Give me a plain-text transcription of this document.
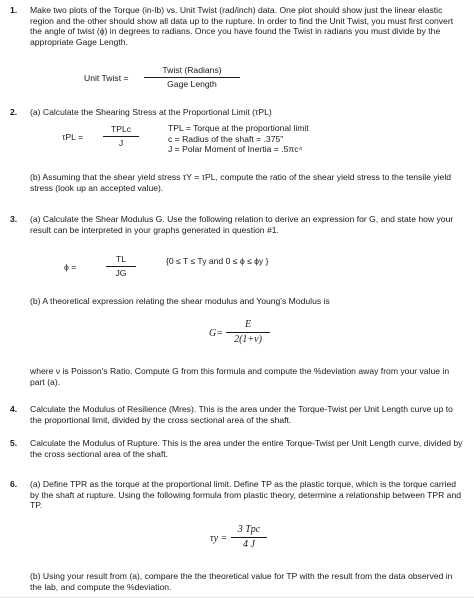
1.	Make two plots of the Torque (in-lb) vs. Unit Twist (rad/inch) data. One plot should show just the linear elastic region and the other should show all data up to the rupture. In order to find the Unit Twist, you must first convert the angle of twist (ϕ) in degrees to radians. Once you have found the Twist in radians you must divide by the appropriate Gage Length.
Unit Twist =
Twist (Radians)
Gage Length
2.	(a) Calculate the Shearing Stress at the Proportional Limit (τPL)
τPL =
TPLc
J
TPL = Torque at the proportional limit
c = Radius of the shaft = .375"
J = Polar Moment of Inertia = .5πc⁴
(b) Assuming that the shear yield stress τY = τPL, compute the ratio of the shear yield stress to the tensile yield stress (look up an accepted value).
3.	(a) Calculate the Shear Modulus G. Use the following relation to derive an expression for G, and state how your result can be interpreted in your graphs generated in question #1.
ϕ =	$\frac{TL}{JG}$	{0 ≤ T ≤ Ty and 0 ≤ ϕ ≤ ϕy }
(b) A theoretical expression relating the shear modulus and Young's Modulus is
$G= \frac{E}{2(1+\nu)}$
where ν is Poisson's Ratio. Compute G from this formula and compute the %deviation away from your value in part (a).
4.	Calculate the Modulus of Resilience (Mres). This is the area under the Torque-Twist per Unit Length curve up to the proportional limit, divided by the cross sectional area of the shaft.
5.	Calculate the Modulus of Rupture. This is the area under the entire Torque-Twist per Unit Length curve, divided by the cross sectional area of the shaft.
6.	(a) Define TPR as the torque at the proportional limit. Define TP as the plastic torque, which is the torque carried by the shaft at rupture. Using the following formula from plastic theory, determine a relationship between TPR and TP.
τy =
3 Tpc
4 J
(b) Using your result from (a), compare the the theoretical value for TP with the result from the data observed in the lab, and compute the %deviation.
